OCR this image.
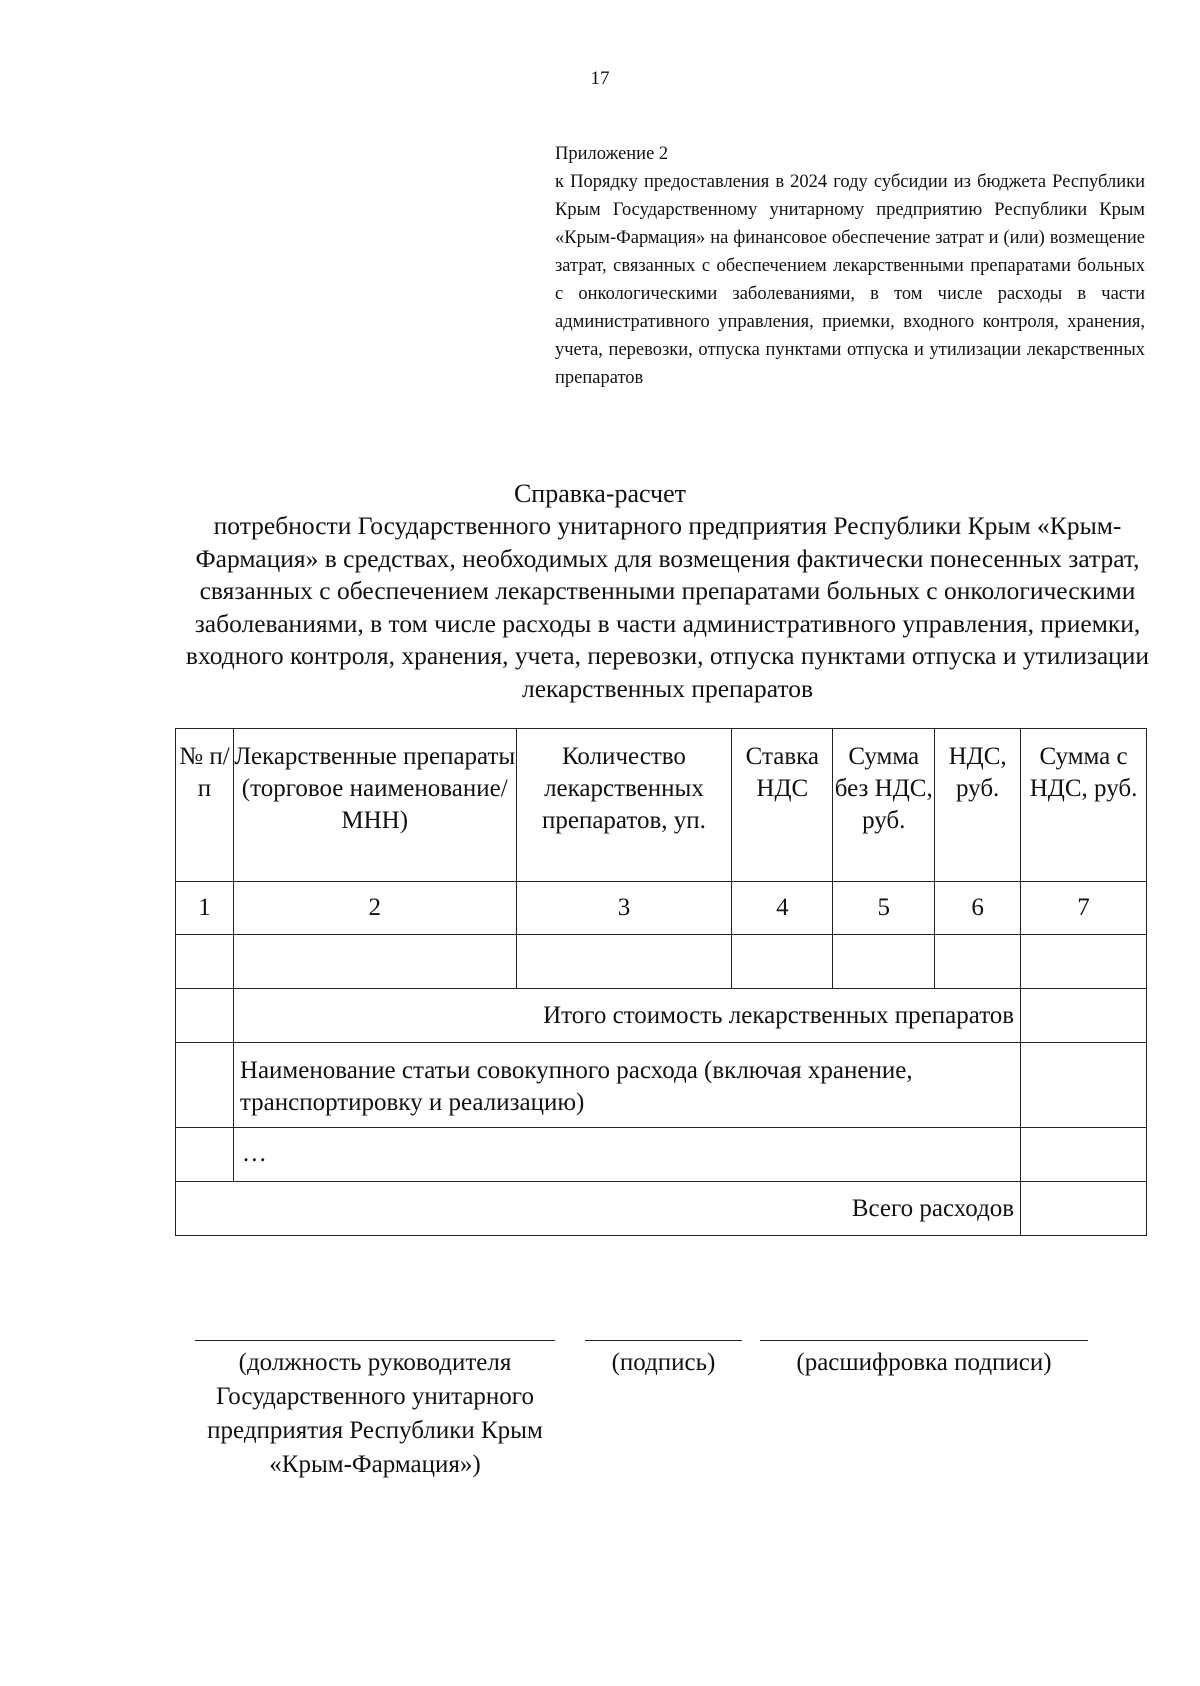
17
Приложение 2
к Порядку предоставления в 2024 году субсидии из бюджета Республики Крым Государственному унитарному предприятию Республики Крым «Крым-Фармация» на финансовое обеспечение затрат и (или) возмещение затрат, связанных с обеспечением лекарственными препаратами больных с онкологическими заболеваниями, в том числе расходы в части административного управления, приемки, входного контроля, хранения, учета, перевозки, отпуска пунктами отпуска и утилизации лекарственных препаратов
Справка-расчет
потребности Государственного унитарного предприятия Республики Крым «Крым-Фармация» в средствах, необходимых для возмещения фактически понесенных затрат, связанных с обеспечением лекарственными препаратами больных с онкологическими заболеваниями, в том числе расходы в части административного управления, приемки, входного контроля, хранения, учета, перевозки, отпуска пунктами отпуска и утилизации лекарственных препаратов
№ п/п	Лекарственные препараты (торговое наименование/МНН)	Количество лекарственных препаратов, уп.	Ставка НДС	Сумма без НДС, руб.	НДС, руб.	Сумма с НДС, руб.
1	2	3	4	5	6	7

	Итого стоимость лекарственных препаратов					
	Наименование статьи совокупного расхода (включая хранение, транспортировку и реализацию)					
	…					
Всего расходов						
(должность руководителя Государственного унитарного предприятия Республики Крым «Крым-Фармация»)
(подпись)	(расшифровка подписи)
